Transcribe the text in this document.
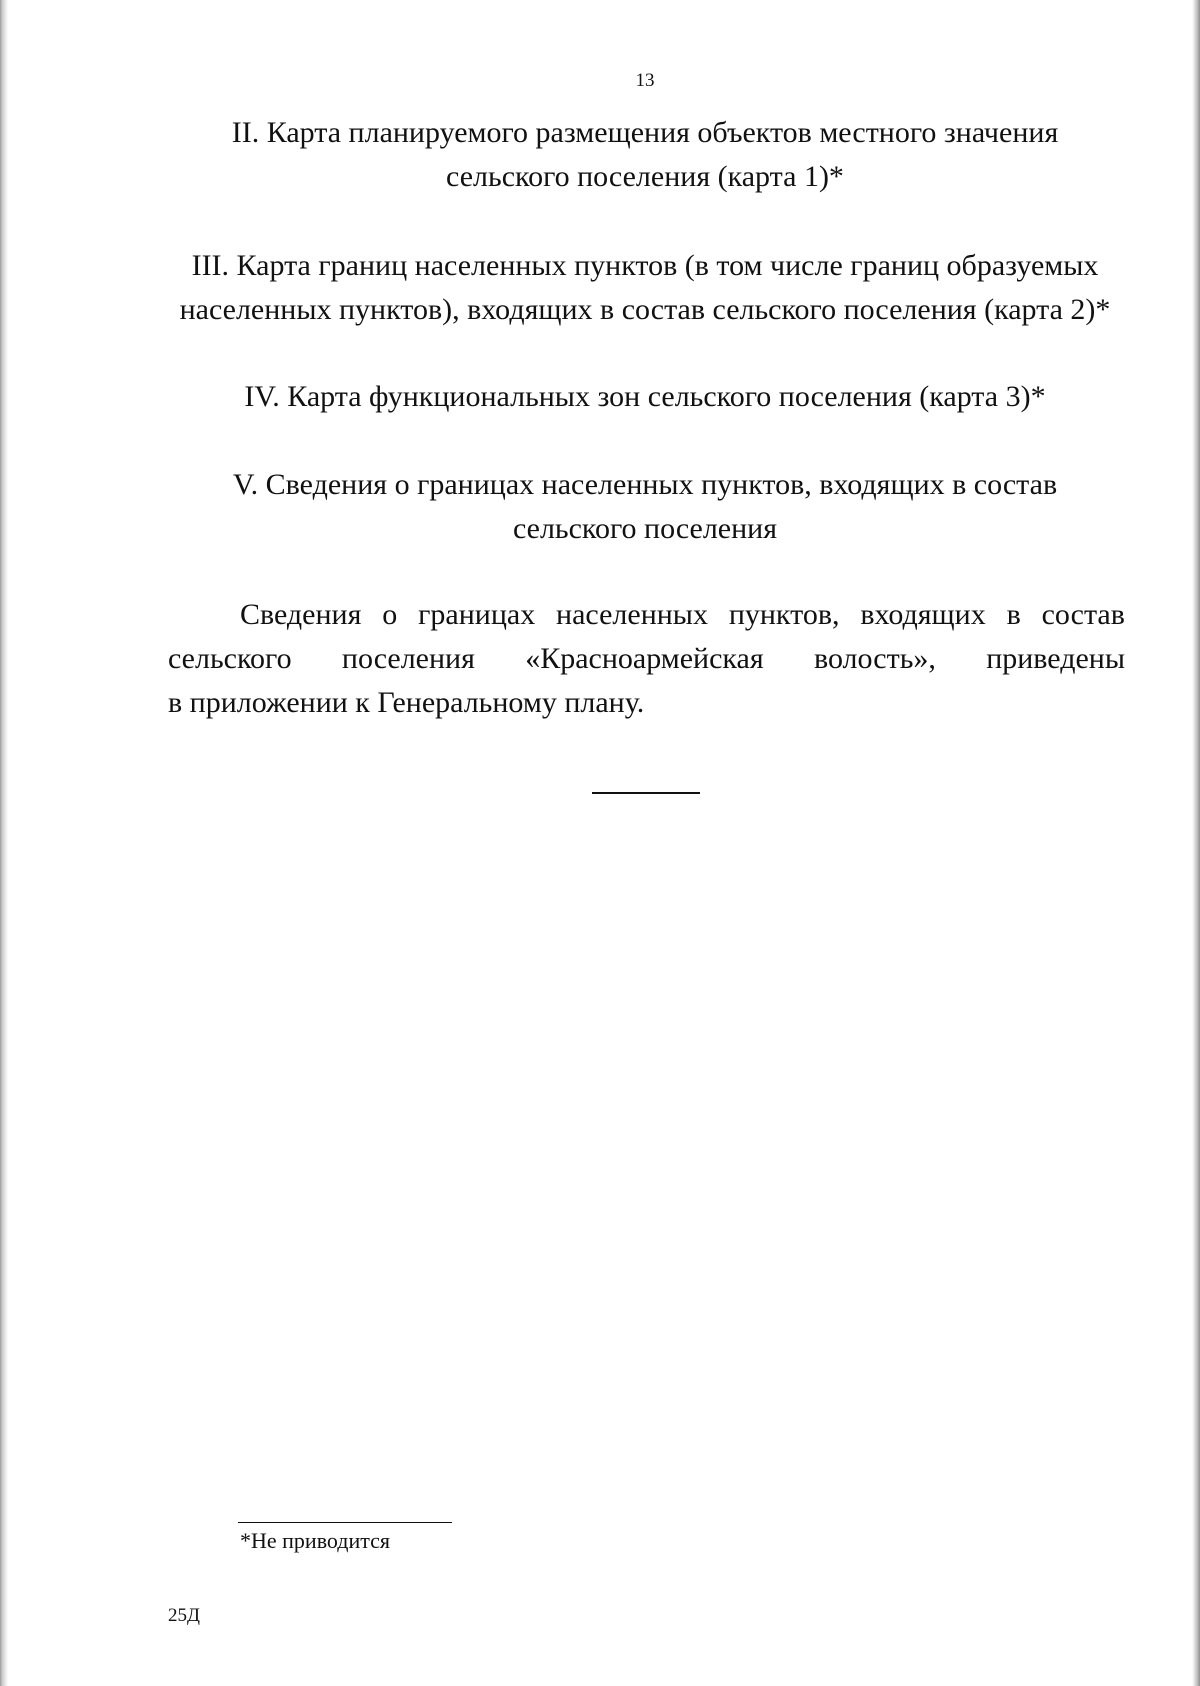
13
II. Карта планируемого размещения объектов местного значения
сельского поселения (карта 1)*
III. Карта границ населенных пунктов (в том числе границ образуемых
населенных пунктов), входящих в состав сельского поселения (карта 2)*
IV. Карта функциональных зон сельского поселения (карта 3)*
V. Сведения о границах населенных пунктов, входящих в состав
сельского поселения
Сведения о границах населенных пунктов, входящих в состав
сельского поселения «Красноармейская волость», приведены
в приложении к Генеральному плану.
*Не приводится
25Д
